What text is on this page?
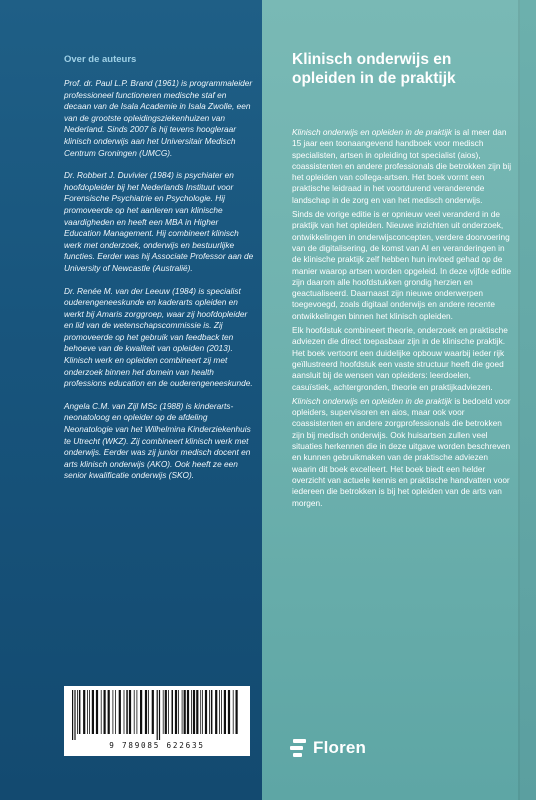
Over de auteurs

Prof. dr. Paul L.P. Brand (1961) is programmaleider professioneel functioneren medische staf en decaan van de Isala Academie in Isala Zwolle, een van de grootste opleidingsziekenhuizen van Nederland. Sinds 2007 is hij tevens hoogleraar klinisch onderwijs aan het Universitair Medisch Centrum Groningen (UMCG).

Dr. Robbert J. Duvivier (1984) is psychiater en hoofdopleider bij het Nederlands Instituut voor Forensische Psychiatrie en Psychologie. Hij promoveerde op het aanleren van klinische vaardigheden en heeft een MBA in Higher Education Management. Hij combineert klinisch werk met onderzoek, onderwijs en bestuurlijke functies. Eerder was hij Associate Professor aan de University of Newcastle (Australië).

Dr. Renée M. van der Leeuw (1984) is specialist ouderengeneeskunde en kaderarts opleiden en werkt bij Amaris zorggroep, waar zij hoofdopleider en lid van de wetenschapscommissie is. Zij promoveerde op het gebruik van feedback ten behoeve van de kwaliteit van opleiden (2013). Klinisch werk en opleiden combineert zij met onderzoek binnen het domein van health professions education en de ouderengeneeskunde.

Angela C.M. van Zijl MSc (1988) is kinderarts-neonatoloog en opleider op de afdeling Neonatologie van het Wilhelmina Kinderziekenhuis te Utrecht (WKZ). Zij combineert klinisch werk met onderwijs. Eerder was zij junior medisch docent en arts klinisch onderwijs (AKO). Ook heeft ze een senior kwalificatie onderwijs (SKO).

9 789085 622635
Klinisch onderwijs en opleiden in de praktijk

Klinisch onderwijs en opleiden in de praktijk is al meer dan 15 jaar een toonaangevend handboek voor medisch specialisten, artsen in opleiding tot specialist (aios), coassistenten en andere professionals die betrokken zijn bij het opleiden van collega-artsen. Het boek vormt een praktische leidraad in het voortdurend veranderende landschap in de zorg en van het medisch onderwijs.

Sinds de vorige editie is er opnieuw veel veranderd in de praktijk van het opleiden. Nieuwe inzichten uit onderzoek, ontwikkelingen in onderwijsconcepten, verdere doorvoering van de digitalisering, de komst van AI en veranderingen in de klinische praktijk zelf hebben hun invloed gehad op de manier waarop artsen worden opgeleid. In deze vijfde editie zijn daarom alle hoofdstukken grondig herzien en geactualiseerd. Daarnaast zijn nieuwe onderwerpen toegevoegd, zoals digitaal onderwijs en andere recente ontwikkelingen binnen het klinisch opleiden.

Elk hoofdstuk combineert theorie, onderzoek en praktische adviezen die direct toepasbaar zijn in de klinische praktijk. Het boek vertoont een duidelijke opbouw waarbij ieder rijk geïllustreerd hoofdstuk een vaste structuur heeft die goed aansluit bij de wensen van opleiders: leerdoelen, casuïstiek, achtergronden, theorie en praktijkadviezen.

Klinisch onderwijs en opleiden in de praktijk is bedoeld voor opleiders, supervisoren en aios, maar ook voor coassistenten en andere zorgprofessionals die betrokken zijn bij medisch onderwijs. Ook huisartsen zullen veel situaties herkennen die in deze uitgave worden beschreven en kunnen gebruikmaken van de praktische adviezen waarin dit boek excelleert. Het boek biedt een helder overzicht van actuele kennis en praktische handvatten voor iedereen die betrokken is bij het opleiden van de arts van morgen.

Floren
